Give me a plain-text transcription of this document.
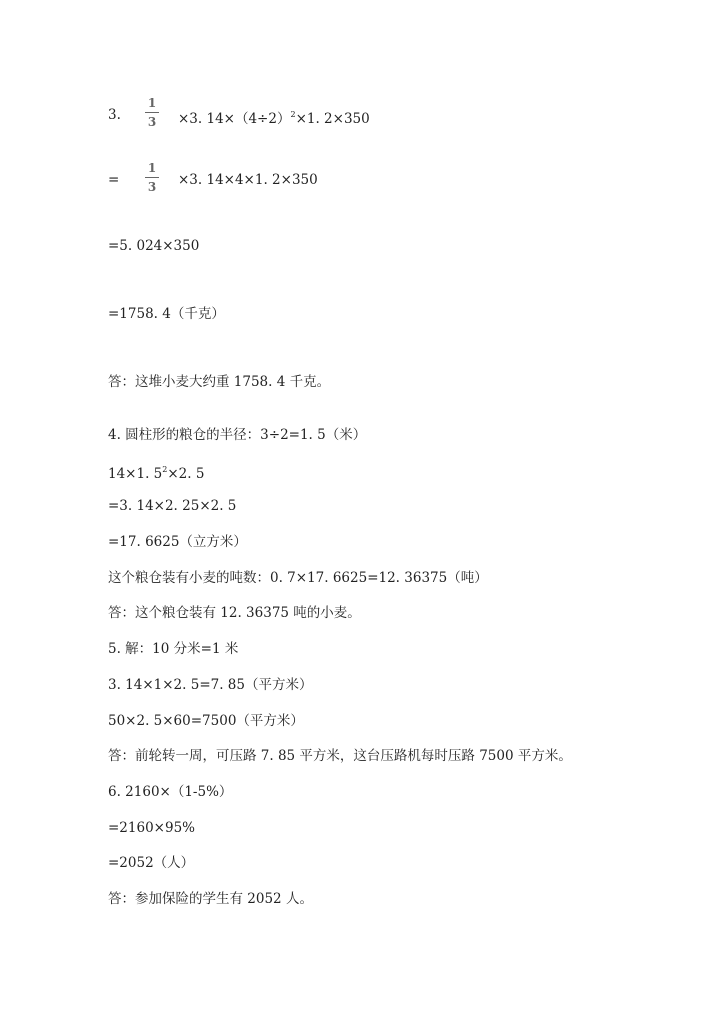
3.
1
3 ×3. $14\times(4\div 2)^2\times 1$. 2×350
=
1
3 ×3. 14×4×1. 2×350
=5. 024×350
=1758. 4（千克）
答：这堆小麦大约重 1758. 4 千克。
4. 圆柱形的粮仓的半径：3÷2=1. 5（米）
14×1. $5^2\times 2$. 5
=3. 14×2. 25×2. 5
=17. 6625（立方米）
这个粮仓装有小麦的吨数：0. 7×17. 6625=12. 36375（吨）
答：这个粮仓装有 12. 36375 吨的小麦。
5. 解：10 分米=1 米
3. 14×1×2. 5=7. 85（平方米）
50×2. 5×60=7500（平方米）
答：前轮转一周，可压路 7. 85 平方米，这台压路机每时压路 7500 平方米。
6. 2160×（1-5%）
=2160×95%
=2052（人）
答：参加保险的学生有 2052 人。
